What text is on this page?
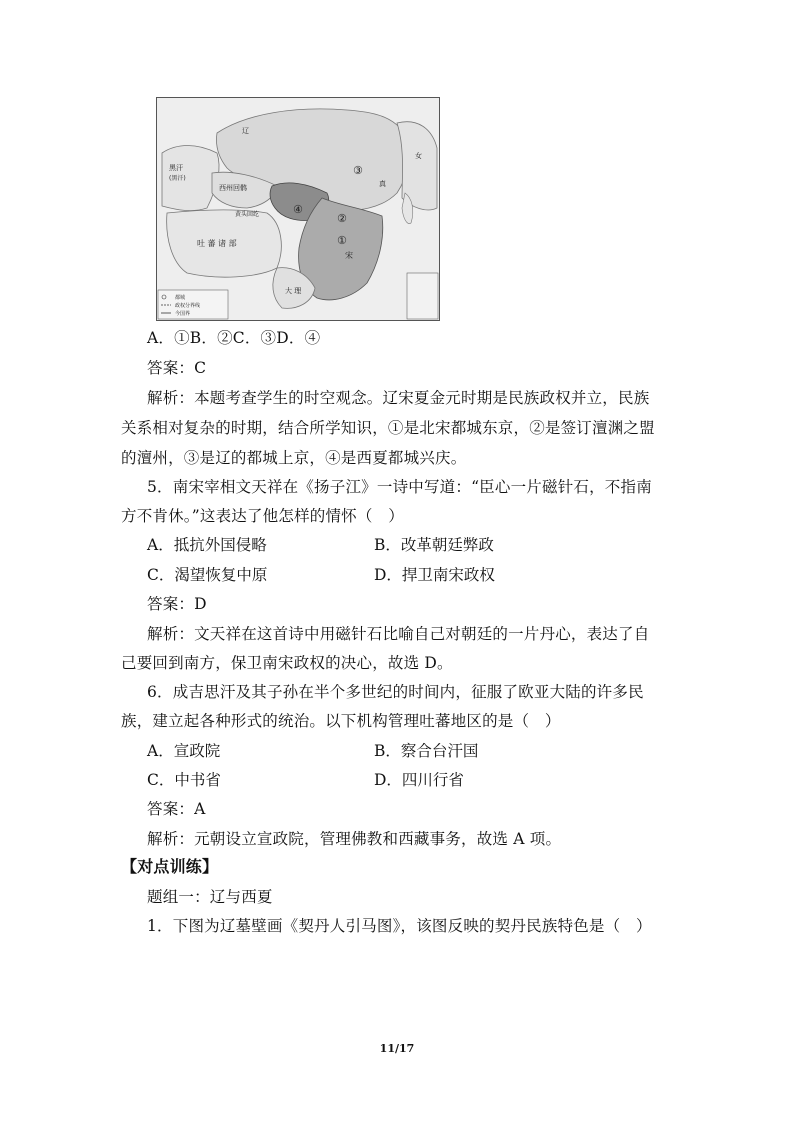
都城
政权分界线
今国界
辽
黑汗
(黑汗)
西州回鹘
黄头回纥
吐 蕃 诸 部
大 理
宋
女
真
④
②
①
③
A．①B．②C．③D．④
答案：C
解析：本题考查学生的时空观念。辽宋夏金元时期是民族政权并立，民族
关系相对复杂的时期，结合所学知识，①是北宋都城东京，②是签订澶渊之盟
的澶州，③是辽的都城上京，④是西夏都城兴庆。
5．南宋宰相文天祥在《扬子江》一诗中写道：“臣心一片磁针石，不指南
方不肯休。”这表达了他怎样的情怀（　）
A．抵抗外国侵略	B．改革朝廷弊政
C．渴望恢复中原	D．捍卫南宋政权
答案：D
解析：文天祥在这首诗中用磁针石比喻自己对朝廷的一片丹心，表达了自
己要回到南方，保卫南宋政权的决心，故选 D。
6．成吉思汗及其子孙在半个多世纪的时间内，征服了欧亚大陆的许多民
族，建立起各种形式的统治。以下机构管理吐蕃地区的是（　）
A．宣政院	B．察合台汗国
C．中书省	D．四川行省
答案：A
解析：元朝设立宣政院，管理佛教和西藏事务，故选 A 项。
【对点训练】
题组一：辽与西夏
1．下图为辽墓壁画《契丹人引马图》，该图反映的契丹民族特色是（　）
11/17
